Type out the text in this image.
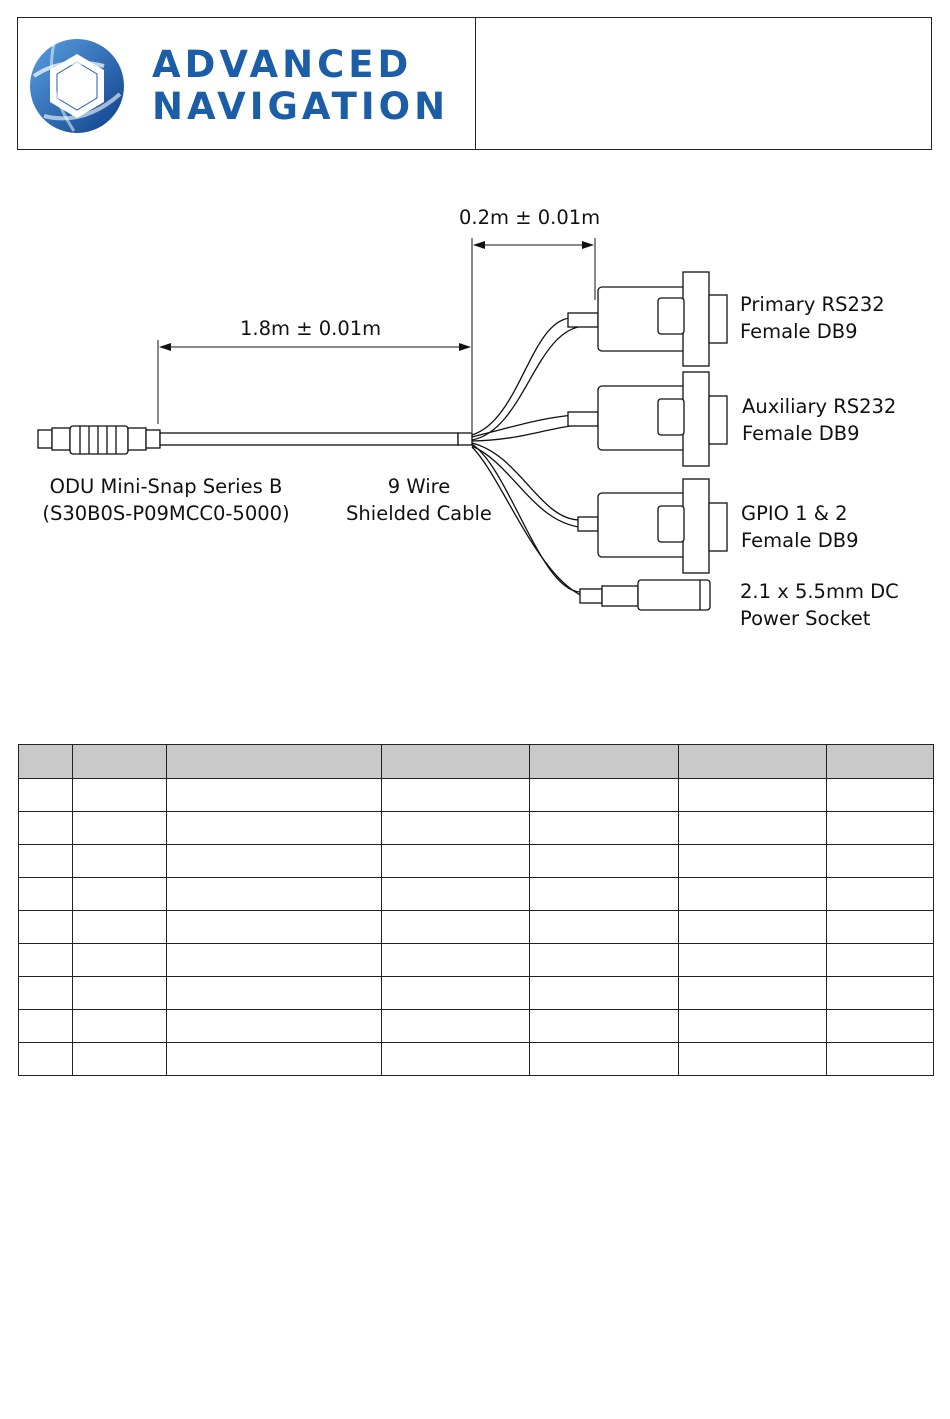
ADVANCED
NAVIGATION
0.2m ± 0.01m
1.8m ± 0.01m
ODU Mini-Snap Series B
(S30B0S-P09MCC0-5000)
9 Wire
Shielded Cable
Primary RS232
Female DB9
Auxiliary RS232
Female DB9
GPIO 1 & 2
Female DB9
2.1 x 5.5mm DC
Power Socket
